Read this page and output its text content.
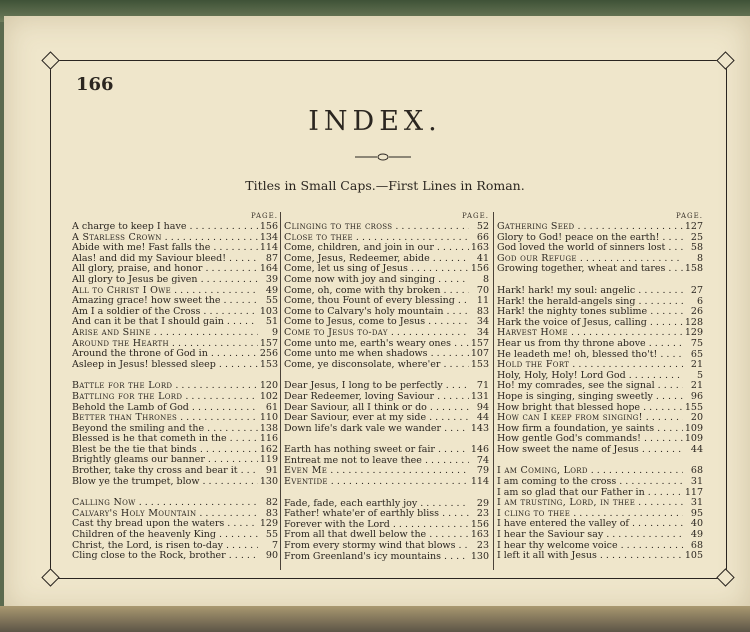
166
INDEX.
Titles in Small Caps.—First Lines in Roman.
PAGE.
A charge to keep I have . . .	156
A Starless Crown . . .	134
Abide with me! Fast falls the . . .	114
Alas! and did my Saviour bleed! . . .	87
All glory, praise, and honor . . .	164
All glory to Jesus be given . . .	39
All to Christ I Owe . . .	49
Amazing grace! how sweet the . . .	55
Am I a soldier of the Cross . . .	103
And can it be that I should gain . . .	51
Arise and Shine . . .	9
Around the Hearth . . .	157
Around the throne of God in . . .	256
Asleep in Jesus! blessed sleep . . .	153
Battle for the Lord . . .	120
Battling for the Lord . . .	102
Behold the Lamb of God . . .	61
Better than Thrones . . .	110
Beyond the smiling and the . . .	138
Blessed is he that cometh in the . . .	116
Blest be the tie that binds . . .	162
Brightly gleams our banner . . .	119
Brother, take thy cross and bear it . . .	91
Blow ye the trumpet, blow . . .	130
Calling Now . . .	82
Calvary's Holy Mountain . . .	83
Cast thy bread upon the waters . . .	129
Children of the heavenly King . . .	55
Christ, the Lord, is risen to-day . . .	7
Cling close to the Rock, brother . . .	90
PAGE.
Clinging to the cross . . .	52
Close to thee . . .	66
Come, children, and join in our . . .	163
Come, Jesus, Redeemer, abide . . .	41
Come, let us sing of Jesus . . .	156
Come now with joy and singing . . .	8
Come, oh, come with thy broken . . .	70
Come, thou Fount of every blessing . . .	11
Come to Calvary's holy mountain . . .	83
Come to Jesus, come to Jesus . . .	34
Come to Jesus to-day . . .	34
Come unto me, earth's weary ones . . .	157
Come unto me when shadows . . .	107
Come, ye disconsolate, where'er . . .	153
Dear Jesus, I long to be perfectly . . .	71
Dear Redeemer, loving Saviour . . .	131
Dear Saviour, all I think or do . . .	94
Dear Saviour, ever at my side . . .	44
Down life's dark vale we wander . . .	143
Earth has nothing sweet or fair . . .	146
Entreat me not to leave thee . . .	74
Even Me . . .	79
Eventide . . .	114
Fade, fade, each earthly joy . . .	29
Father! whate'er of earthly bliss . . .	23
Forever with the Lord . . .	156
From all that dwell below the . . .	163
From every stormy wind that blows . . .	23
From Greenland's icy mountains . . .	130
PAGE.
Gathering Seed . . .	127
Glory to God! peace on the earth! . . .	25
God loved the world of sinners lost . . .	58
God our Refuge . . .	8
Growing together, wheat and tares . . .	158
Hark! hark! my soul: angelic . . .	27
Hark! the herald-angels sing . . .	6
Hark! the nighty tones sublime . . .	26
Hark the voice of Jesus, calling . . .	128
Harvest Home . . .	129
Hear us from thy throne above . . .	75
He leadeth me! oh, blessed tho't! . . .	65
Hold the Fort . . .	21
Holy, Holy, Holy! Lord God . . .	5
Ho! my comrades, see the signal . . .	21
Hope is singing, singing sweetly . . .	96
How bright that blessed hope . . .	155
How can I keep from singing! . . .	20
How firm a foundation, ye saints . . .	109
How gentle God's commands! . . .	109
How sweet the name of Jesus . . .	44
I am Coming, Lord . . .	68
I am coming to the cross . . .	31
I am so glad that our Father in . . .	117
I am trusting, Lord, in thee . . .	31
I cling to thee . . .	95
I have entered the valley of . . .	40
I hear the Saviour say . . .	49
I hear thy welcome voice . . .	68
I left it all with Jesus . . .	105
